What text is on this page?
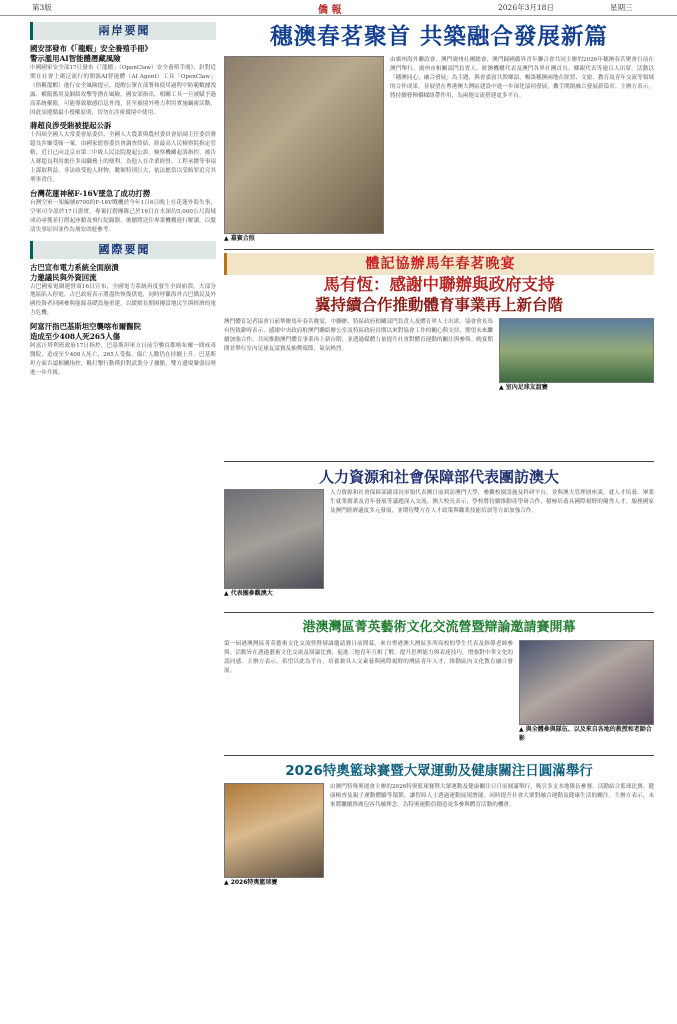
第3版	僑 報	2026年3月18日	星期三
兩岸要聞
國安部發布《「龍蝦」安全養殖手冊》
警示濫用AI智能體潛藏風險

中國國家安全部17日發布《「龍蝦」（OpenClaw）安全養殖手冊》，針對近期在社會上廣泛流行的開源AI智能體（AI Agent）工具「OpenClaw」（俗稱龍蝦）進行安全風險提示，提醒公眾在部署和使用過程中防範數據洩露、權限濫用及網絡攻擊等潛在風險。國安部指出，相關工具一旦被賦予過高系統權限，可能導致敏感信息外洩，甚至被境外勢力利用實施竊密活動，因此須遵循最小授權原則，切勿在涉密環境中使用。

蔣超良涉受賄被提起公訴

十四屆全國人大常委會原委員、全國人大農業與農村委員會原副主任委員蔣超良涉嫌受賄一案，由國家監察委員會調查終結，經最高人民檢察院指定管轄，近日已向北京市第二中級人民法院提起公訴。檢察機關起訴指控，被告人蔣超良利用擔任多項職務上的便利，為他人在企業經營、工程承攬等事項上謀取利益，非法收受他人財物，數額特別巨大，依法應當以受賄罪追究其刑事責任。

台灣花蓮神秘F-16V墜急了成功打撈

台灣空軍一架編號6700的F-16V戰機於今年1月6日晚上在花蓮外海失事，空軍司令部於17日證實，專案打撈團隊已於16日在水深約5,000公尺海域成功尋獲並打撈起座艙及飛行紀錄器，後續將送往專業機構進行解讀，以釐清失事原因並作為飛安改進參考。

國際要聞
古巴宣布電力系統全面崩潰
力邀議民與外資回流

古巴國家電網運營商16日宣布，全國電力系統再度發生全面崩潰，大部分地區陷入停電。古巴政府表示將盡快恢復供電，同時呼籲海外古巴僑民及外國投資者回國參與能源基礎設施重建，以緩解長期困擾當地民生與經濟的電力危機。

阿富汗指巴基斯坦空襲喀布爾醫院
造成至少408人死265人傷

阿富汗塔利班政府17日指控，巴基斯坦軍方日前空襲首都喀布爾一間戒毒醫院，造成至少408人死亡、265人受傷，傷亡人數仍在持續上升。巴基斯坦方面否認相關指控，稱打擊行動僅針對武裝分子據點，雙方邊境緊張局勢進一步升級。

穗澳春茗聚首 共築融合發展新篇
▲ 嘉賓合照
由廣州海外聯誼會、澳門廣州社團總會、澳門歸國僑界青年聯合會共同主辦的2026年穗澳春茗聚會日前在澳門舉行，廣州市相關部門負責人、駐澳機構代表及澳門各界社團首長、鄉親代表等逾百人出席。活動以「穗澳同心、融合發展」為主題，與會嘉賓共敘鄉誼，暢談穗澳兩地在經貿、文旅、教育及青年交流等領域的合作成果，並展望在粵港澳大灣區建設中進一步深化協同發展，攜手開創融合發展新篇章。主辦方表示，將持續發揮橋樑紐帶作用，為兩地交流搭建更多平台。
體記協辦馬年春茗晚宴
馬有恆：感謝中聯辦與政府支持
冀持續合作推動體育事業再上新台階
澳門體育記者協會日前舉辦馬年春茗晚宴，中聯辦、特區政府相關部門負責人及體育界人士出席。協會會長馬有恆致辭時表示，感謝中央政府駐澳門聯絡辦公室及特區政府長期以來對協會工作的關心與支持，期望未來繼續加強合作，共同推動澳門體育事業再上新台階，並透過媒體力量提升社會對體育運動的關注與參與。晚宴期間並舉行室內足球友誼賽及抽獎環節，氣氛熱烈。
▲ 室內足球友誼賽
人力資源和社會保障部代表團訪澳大
▲ 代表團參觀澳大
人力資源和社會保障部副部長率領代表團日前到訪澳門大學，參觀校園設施及科研平台，並與澳大管理層座談，就人才培養、畢業生就業創業及青年發展等議題深入交流。澳大校長表示，學校將持續推動產學研合作，積極培養具國際視野的優秀人才，服務國家及澳門經濟適度多元發展，並期待雙方在人才政策與職業技能培訓等方面加強合作。
港澳灣區菁英藝術文化交流營暨辯論邀請賽開幕
第一屆港澳灣區菁英藝術文化交流營暨辯論邀請賽日前開幕，來自粵港澳大灣區多所高校的學生代表及指導老師參與。活動旨在透過藝術文化交流及辯論比賽，促進三地青年互相了解，提升思辨能力與表達技巧，增強對中華文化的認同感。主辦方表示，希望以此為平台，培養兼具人文素養與國際視野的灣區青年人才，推動區內文化教育融合發展。
▲ 與全體參與隊伍、以及來自各地的教授和老師合影
2026特奧籃球賽暨大眾運動及健康關注日圓滿舉行
▲ 2026特奧籃球賽
由澳門特殊奧運會主辦的2026特奧籃球賽暨大眾運動及健康關注日日前圓滿舉行，吸引多支本地隊伍參賽。活動結合籃球比賽、健康檢查及親子運動體驗等環節，讓智障人士透過運動展現潛能，同時提升社會大眾對融合運動及健康生活的關注。主辦方表示，未來將繼續推廣包容共融理念，為特奧運動員創造更多參與體育活動的機會。
